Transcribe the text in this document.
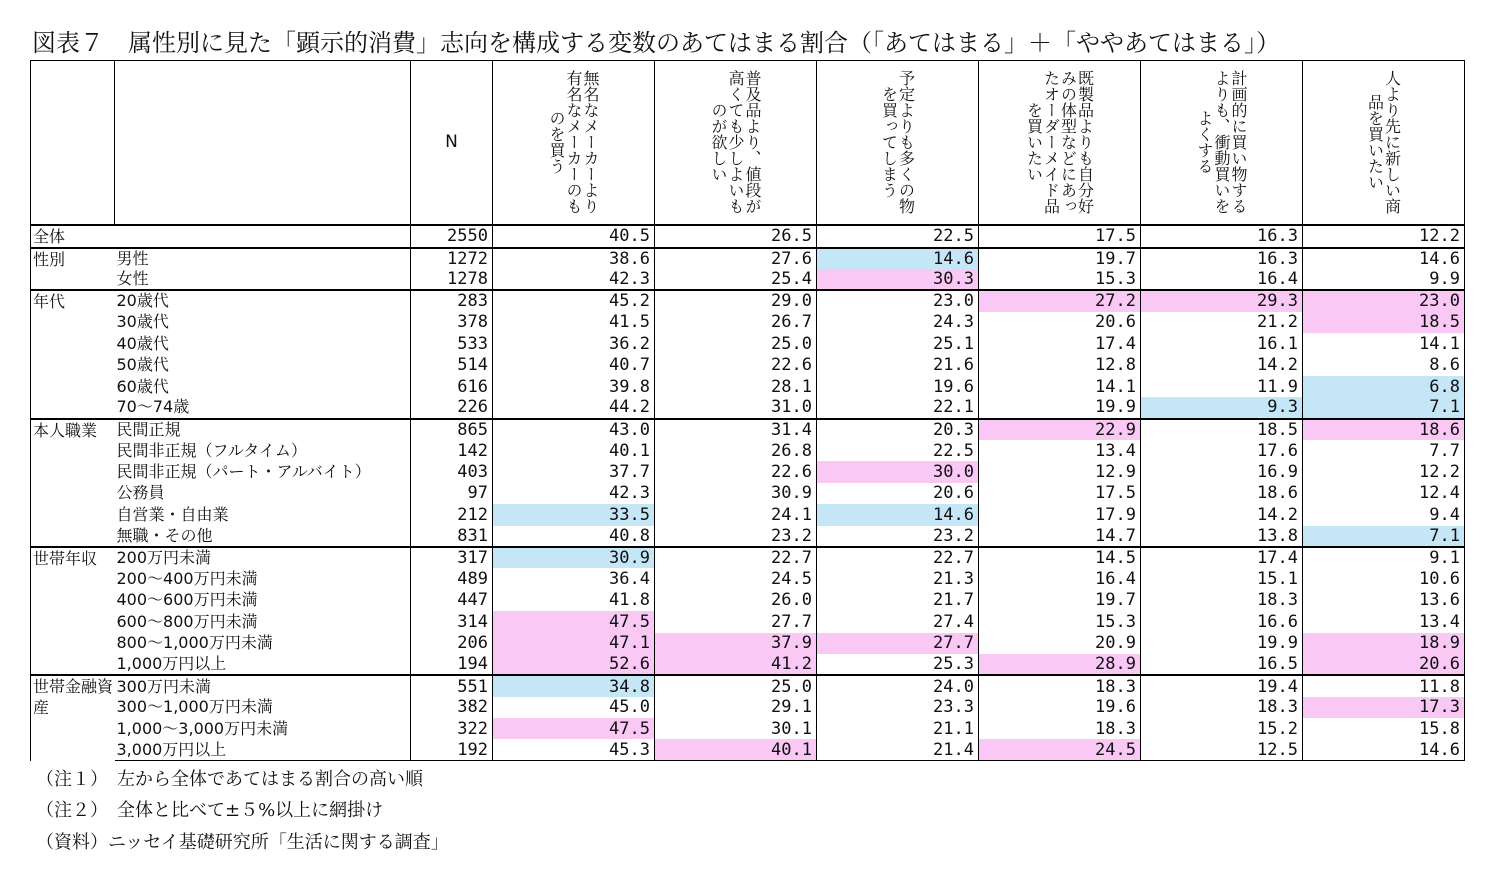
図表７　属性別に見た「顕示的消費」志向を構成する変数のあてはまる割合（「あてはまる」＋「ややあてはまる」）
		N	無名なメーカーより有名なメーカーのものを買う	普及品より、値段が高くても少しよいものが欲しい	予定よりも多くの物を買ってしまう	既製品よりも自分好みの体型などにあったオーダーメイド品を買いたい	計画的に買い物するよりも、衝動買いをよくする	人より先に新しい商品を買いたい

全体		2550	40.5	26.5	22.5	17.5	16.3	12.2
性別	男性	1272	38.6	27.6	14.6	19.7	16.3	14.6
	女性	1278	42.3	25.4	30.3	15.3	16.4	9.9
年代	20歳代	283	45.2	29.0	23.0	27.2	29.3	23.0
	30歳代	378	41.5	26.7	24.3	20.6	21.2	18.5
	40歳代	533	36.2	25.0	25.1	17.4	16.1	14.1
	50歳代	514	40.7	22.6	21.6	12.8	14.2	8.6
	60歳代	616	39.8	28.1	19.6	14.1	11.9	6.8
	70～74歳	226	44.2	31.0	22.1	19.9	9.3	7.1
本人職業	民間正規	865	43.0	31.4	20.3	22.9	18.5	18.6
	民間非正規（フルタイム）	142	40.1	26.8	22.5	13.4	17.6	7.7
	民間非正規（パート・アルバイト）	403	37.7	22.6	30.0	12.9	16.9	12.2
	公務員	97	42.3	30.9	20.6	17.5	18.6	12.4
	自営業・自由業	212	33.5	24.1	14.6	17.9	14.2	9.4
	無職・その他	831	40.8	23.2	23.2	14.7	13.8	7.1
世帯年収	200万円未満	317	30.9	22.7	22.7	14.5	17.4	9.1
	200～400万円未満	489	36.4	24.5	21.3	16.4	15.1	10.6
	400～600万円未満	447	41.8	26.0	21.7	19.7	18.3	13.6
	600～800万円未満	314	47.5	27.7	27.4	15.3	16.6	13.4
	800～1,000万円未満	206	47.1	37.9	27.7	20.9	19.9	18.9
	1,000万円以上	194	52.6	41.2	25.3	28.9	16.5	20.6
世帯金融資産	300万円未満	551	34.8	25.0	24.0	18.3	19.4	11.8
	300～1,000万円未満	382	45.0	29.1	23.3	19.6	18.3	17.3
	1,000～3,000万円未満	322	47.5	30.1	21.1	18.3	15.2	15.8
	3,000万円以上	192	45.3	40.1	21.4	24.5	12.5	14.6
（注１）　左から全体であてはまる割合の高い順
（注２）　全体と比べて±５%以上に網掛け
（資料）ニッセイ基礎研究所「生活に関する調査」
